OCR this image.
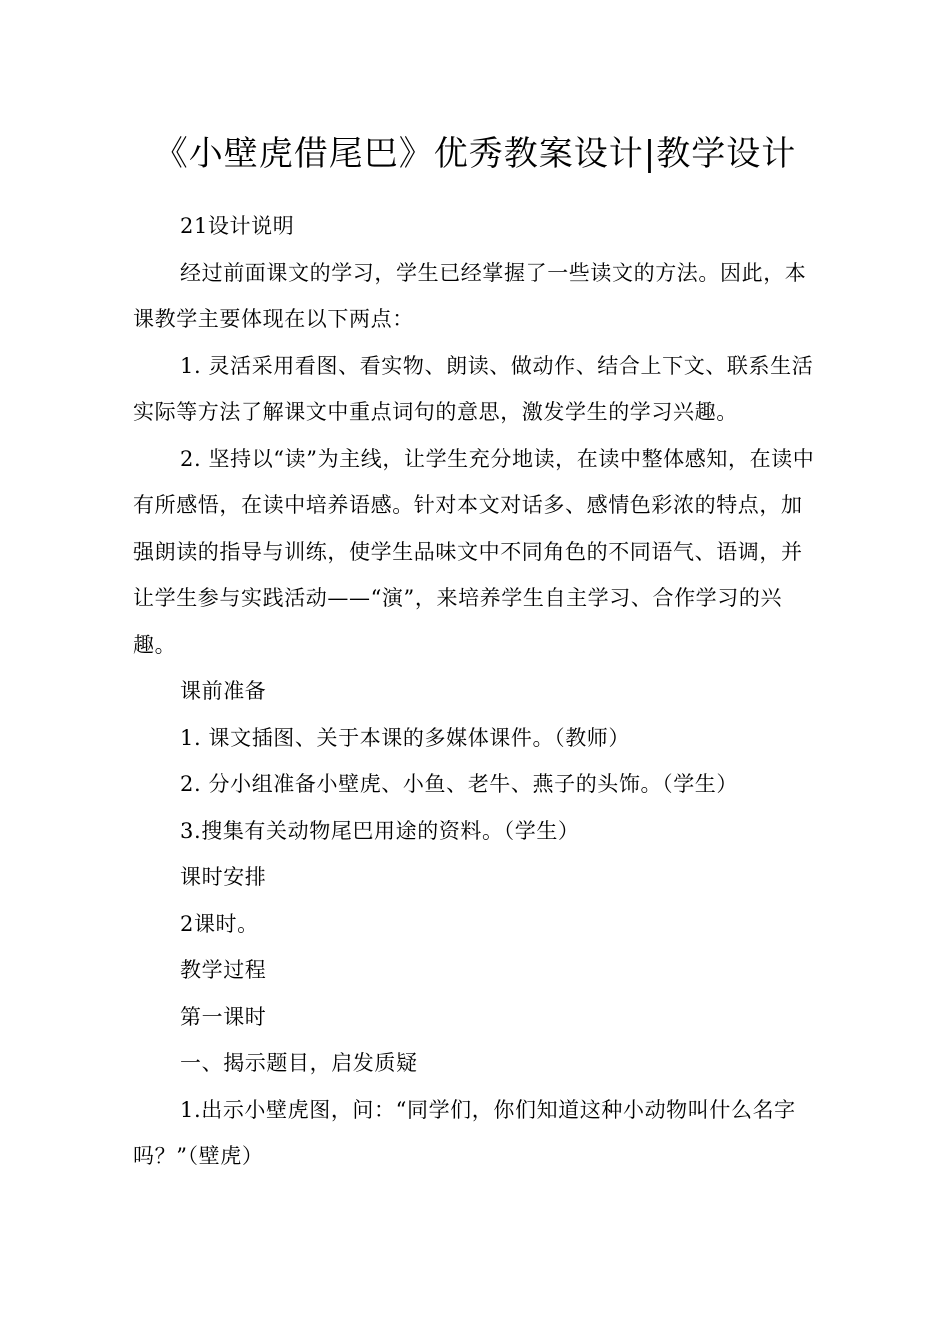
《小壁虎借尾巴》优秀教案设计|教学设计

21设计说明

经过前面课文的学习，学生已经掌握了一些读文的方法。因此，本课教学主要体现在以下两点：

1. 灵活采用看图、看实物、朗读、做动作、结合上下文、联系生活实际等方法了解课文中重点词句的意思，激发学生的学习兴趣。

2. 坚持以“读”为主线，让学生充分地读，在读中整体感知，在读中有所感悟，在读中培养语感。针对本文对话多、感情色彩浓的特点，加强朗读的指导与训练，使学生品味文中不同角色的不同语气、语调，并让学生参与实践活动——“演”，来培养学生自主学习、合作学习的兴趣。

课前准备

1. 课文插图、关于本课的多媒体课件。（教师）

2. 分小组准备小壁虎、小鱼、老牛、燕子的头饰。（学生）

3.搜集有关动物尾巴用途的资料。（学生）

课时安排

2课时。

教学过程

第一课时

一、揭示题目，启发质疑

1.出示小壁虎图，问：“同学们，你们知道这种小动物叫什么名字吗？”（壁虎）
